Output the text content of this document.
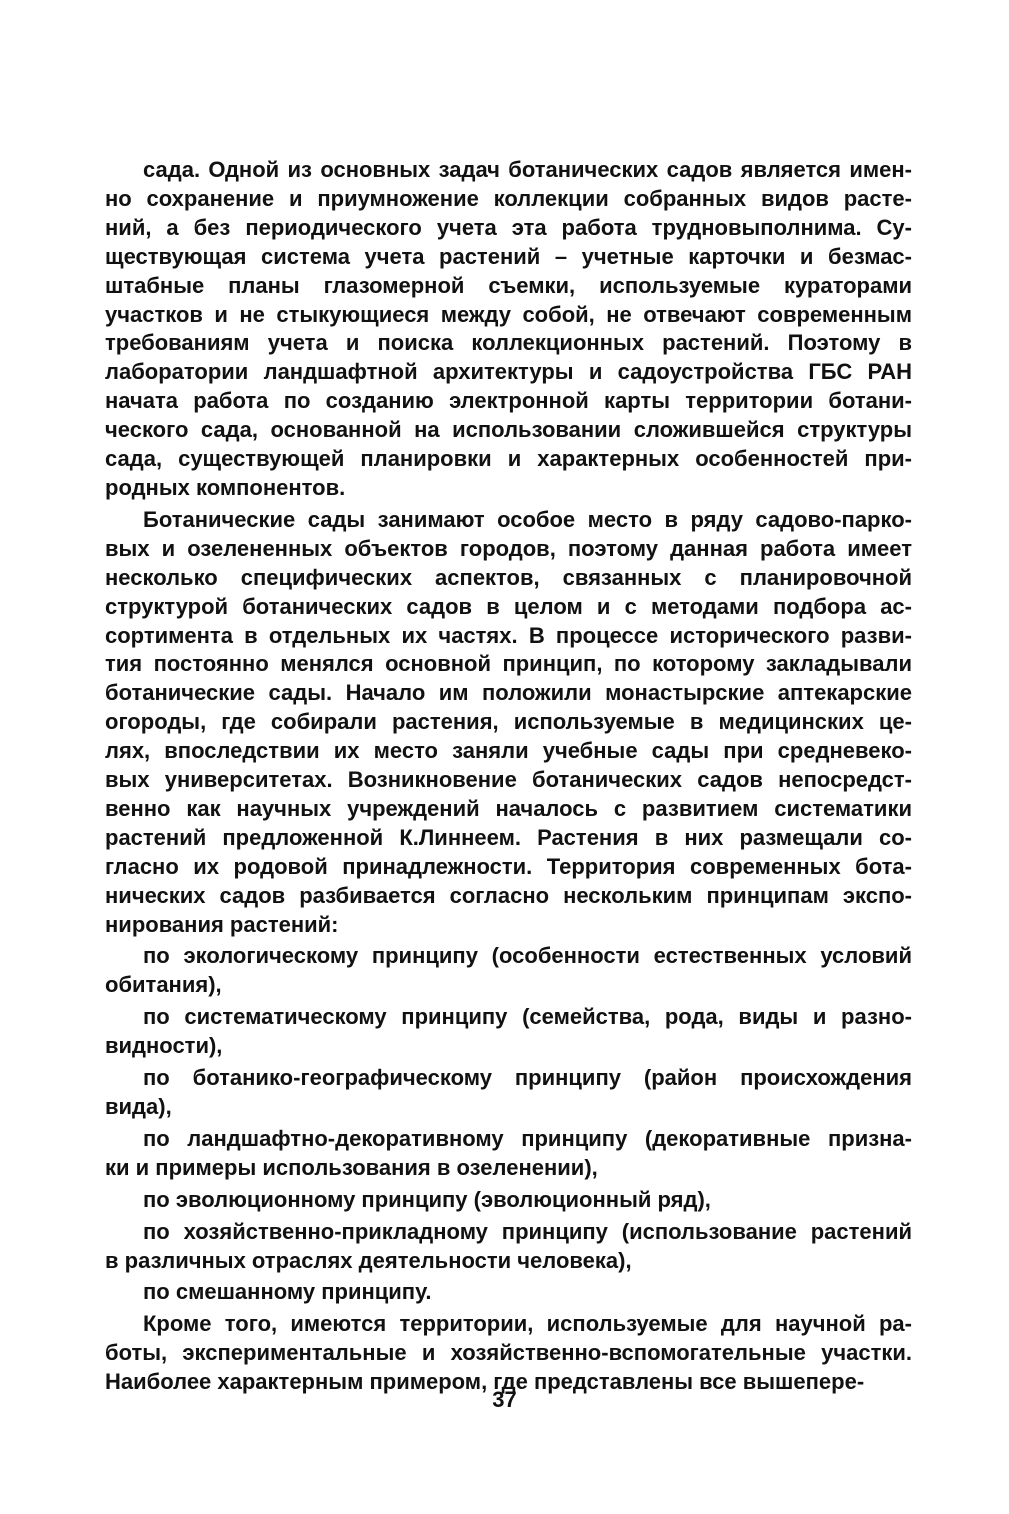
сада. Одной из основных задач ботанических садов является имен-
но сохранение и приумножение коллекции собранных видов расте-
ний, а без периодического учета эта работа трудновыполнима. Су-
ществующая система учета растений – учетные карточки и безмас-
штабные планы глазомерной съемки, используемые кураторами
участков и не стыкующиеся между собой, не отвечают современным
требованиям учета и поиска коллекционных растений. Поэтому в
лаборатории ландшафтной архитектуры и садоустройства ГБС РАН
начата работа по созданию электронной карты территории ботани-
ческого сада, основанной на использовании сложившейся структуры
сада, существующей планировки и характерных особенностей при-
родных компонентов.
Ботанические сады занимают особое место в ряду садово-парко-
вых и озелененных объектов городов, поэтому данная работа имеет
несколько специфических аспектов, связанных с планировочной
структурой ботанических садов в целом и с методами подбора ас-
сортимента в отдельных их частях. В процессе исторического разви-
тия постоянно менялся основной принцип, по которому закладывали
ботанические сады. Начало им положили монастырские аптекарские
огороды, где собирали растения, используемые в медицинских це-
лях, впоследствии их место заняли учебные сады при средневеко-
вых университетах. Возникновение ботанических садов непосредст-
венно как научных учреждений началось с развитием систематики
растений предложенной К.Линнеем. Растения в них размещали со-
гласно их родовой принадлежности. Территория современных бота-
нических садов разбивается согласно нескольким принципам экспо-
нирования растений:
по экологическому принципу (особенности естественных условий
обитания),
по систематическому принципу (семейства, рода, виды и разно-
видности),
по ботанико-географическому принципу (район происхождения
вида),
по ландшафтно-декоративному принципу (декоративные призна-
ки и примеры использования в озеленении),
по эволюционному принципу (эволюционный ряд),
по хозяйственно-прикладному принципу (использование растений
в различных отраслях деятельности человека),
по смешанному принципу.
Кроме того, имеются территории, используемые для научной ра-
боты, экспериментальные и хозяйственно-вспомогательные участки.
Наиболее характерным примером, где представлены все вышепере-
37
